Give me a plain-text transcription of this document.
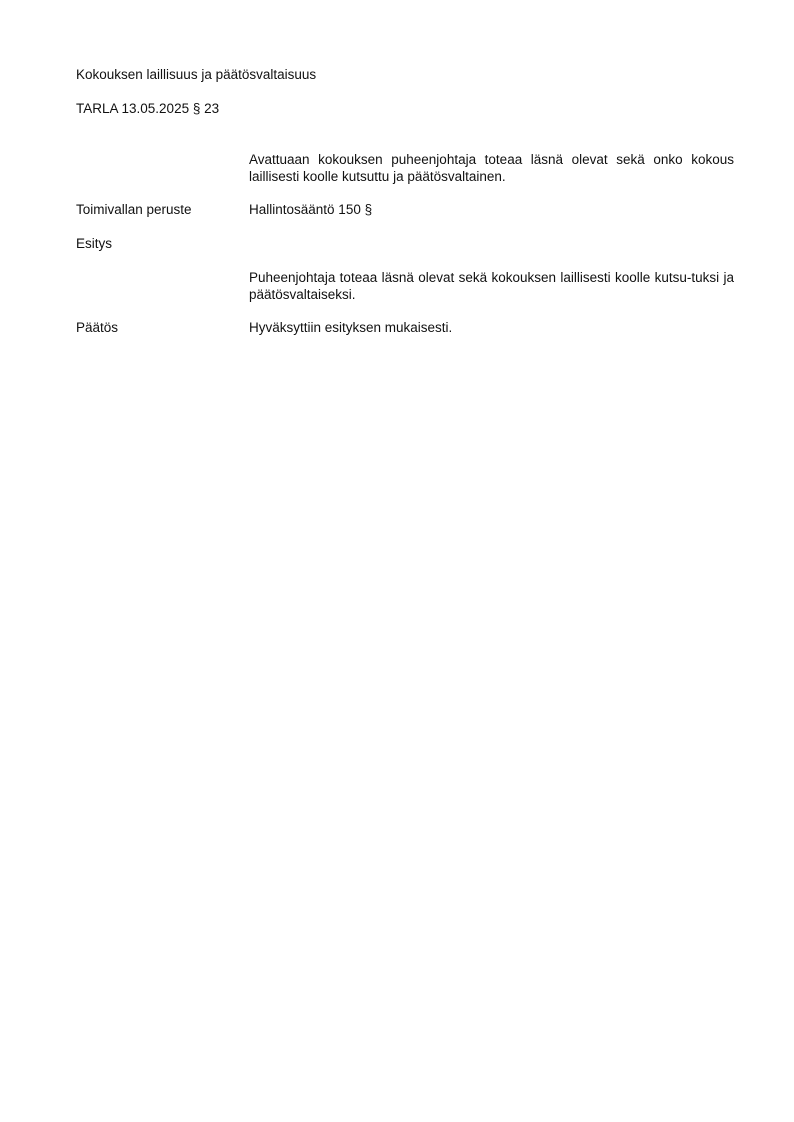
Kokouksen laillisuus ja päätösvaltaisuus
TARLA 13.05.2025 § 23
Avattuaan kokouksen puheenjohtaja toteaa läsnä olevat sekä onko kokous laillisesti koolle kutsuttu ja päätösvaltainen.
Toimivallan peruste	Hallintosääntö 150 §
Esitys
Puheenjohtaja toteaa läsnä olevat sekä kokouksen laillisesti koolle kutsu-tuksi ja päätösvaltaiseksi.
Päätös	Hyväksyttiin esityksen mukaisesti.
